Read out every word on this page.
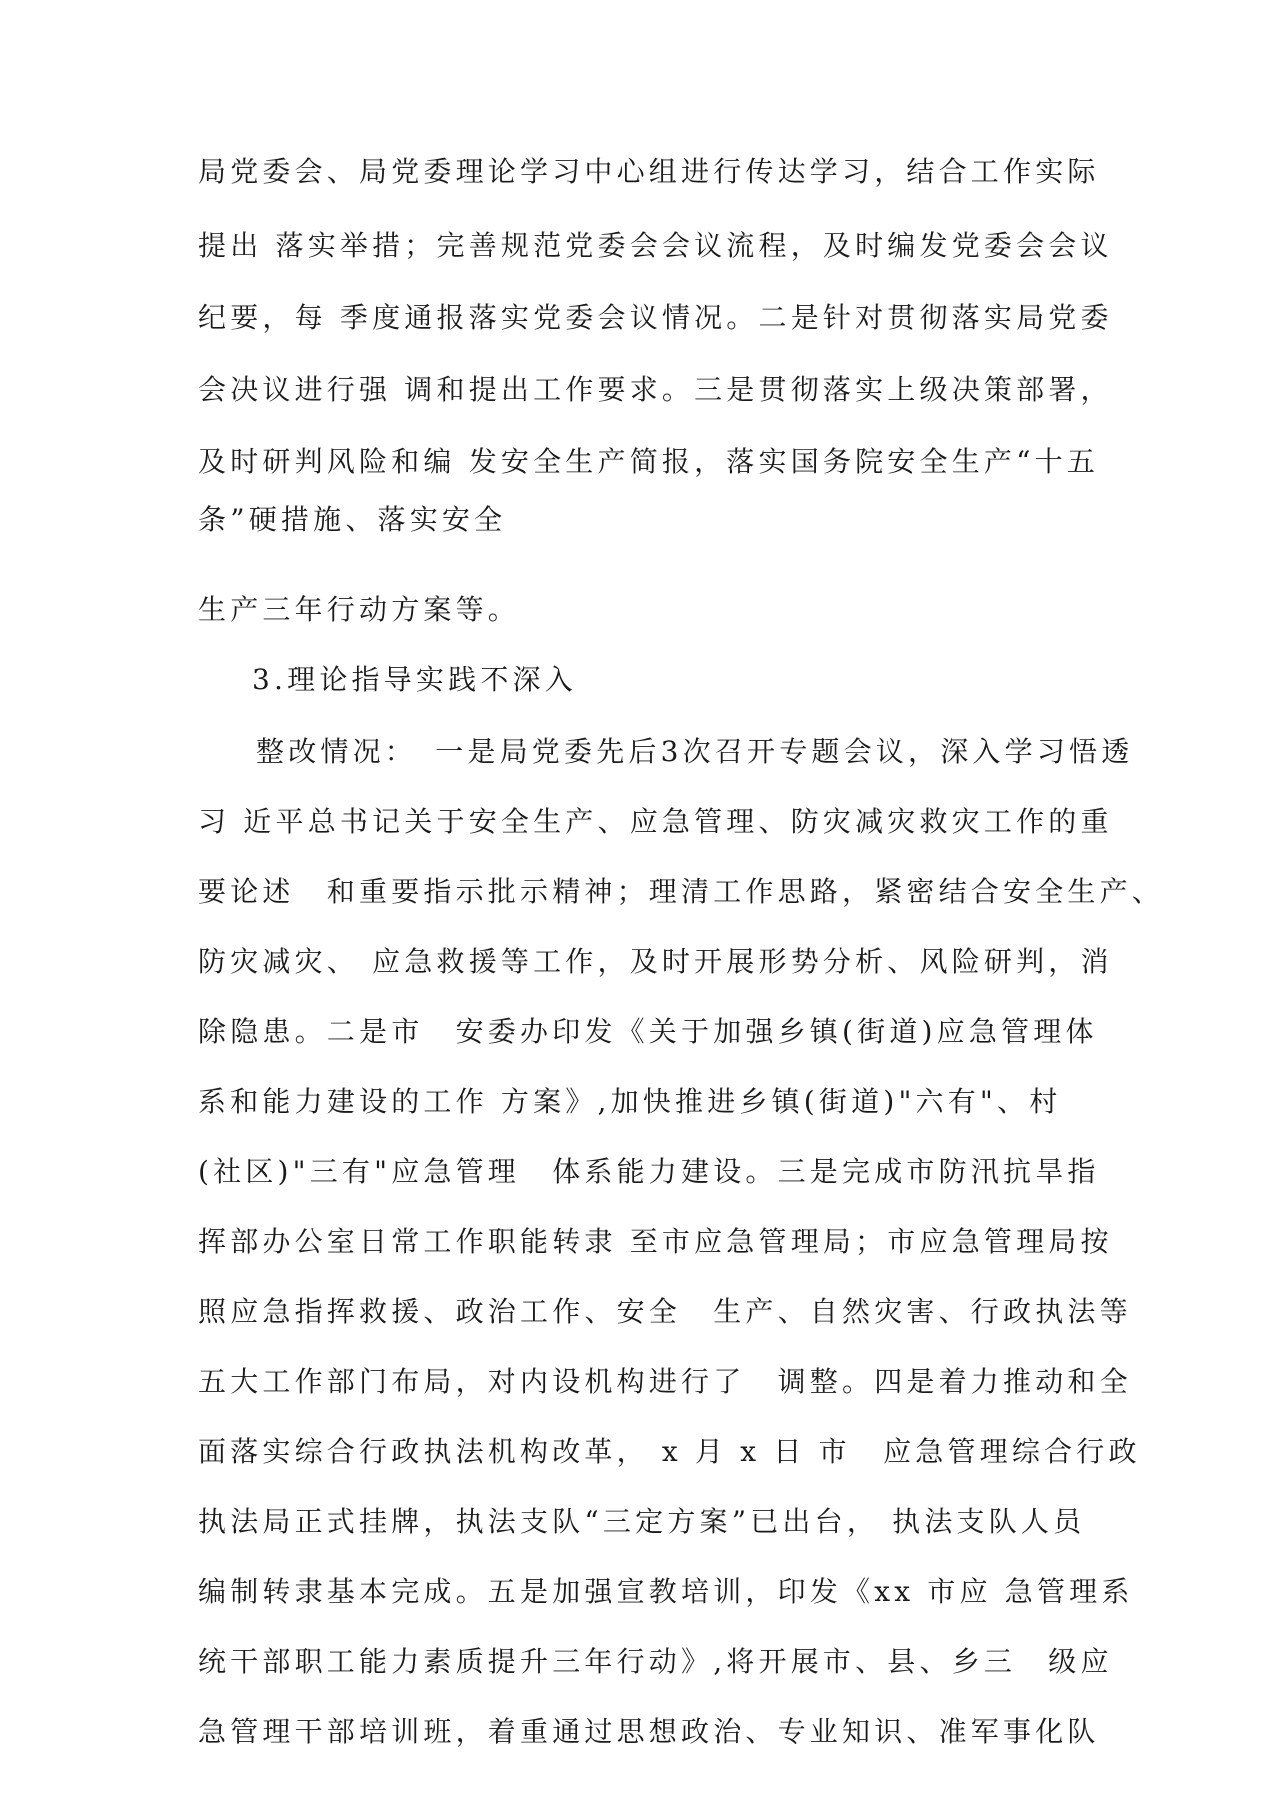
局党委会、局党委理论学习中心组进行传达学习，结合工作实际
提出 落实举措；完善规范党委会会议流程，及时编发党委会会议
纪要，每 季度通报落实党委会议情况。二是针对贯彻落实局党委
会决议进行强 调和提出工作要求。三是贯彻落实上级决策部署，
及时研判风险和编 发安全生产简报，落实国务院安全生产“十五
条”硬措施、落实安全
生产三年行动方案等。
3.理论指导实践不深入
整改情况：　一是局党委先后3次召开专题会议，深入学习悟透
习 近平总书记关于安全生产、应急管理、防灾减灾救灾工作的重
要论述　和重要指示批示精神；理清工作思路，紧密结合安全生产、
防灾减灾、 应急救援等工作，及时开展形势分析、风险研判，消
除隐患。二是市　安委办印发《关于加强乡镇(街道)应急管理体
系和能力建设的工作 方案》,加快推进乡镇(街道)"六有"、村
(社区)"三有"应急管理　体系能力建设。三是完成市防汛抗旱指
挥部办公室日常工作职能转隶 至市应急管理局；市应急管理局按
照应急指挥救援、政治工作、安全　生产、自然灾害、行政执法等
五大工作部门布局，对内设机构进行了　调整。四是着力推动和全
面落实综合行政执法机构改革， x 月 x 日 市　应急管理综合行政
执法局正式挂牌，执法支队“三定方案”已出台， 执法支队人员
编制转隶基本完成。五是加强宣教培训，印发《xx 市应 急管理系
统干部职工能力素质提升三年行动》,将开展市、县、乡三　级应
急管理干部培训班，着重通过思想政治、专业知识、准军事化队
